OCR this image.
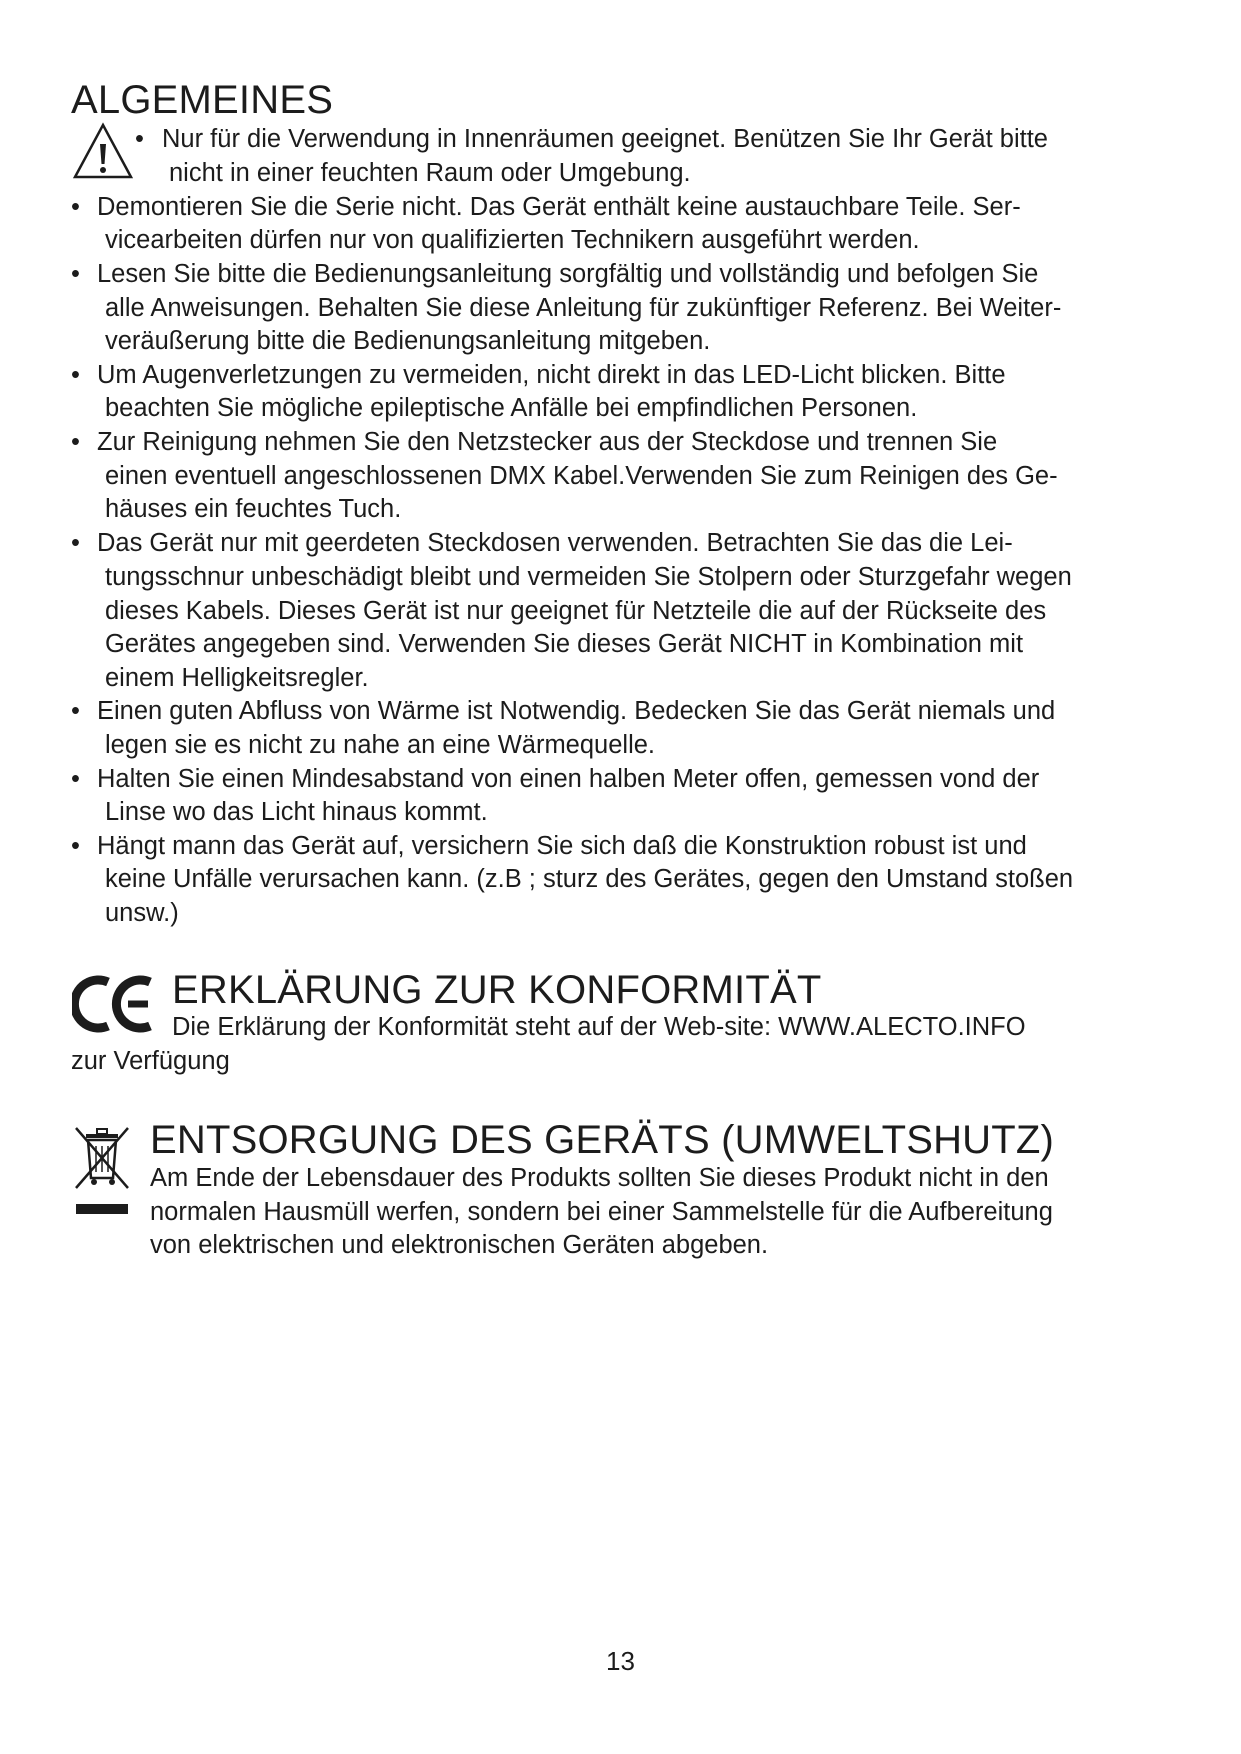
ALGEMEINES
• Nur für die Verwendung in Innenräumen geeignet. Benützen Sie Ihr Gerät bitte
nicht in einer feuchten Raum oder Umgebung.
• Demontieren Sie die Serie nicht. Das Gerät enthält keine austauchbare Teile. Ser-
vicearbeiten dürfen nur von qualifizierten Technikern ausgeführt werden.
• Lesen Sie bitte die Bedienungsanleitung sorgfältig und vollständig und befolgen Sie
alle Anweisungen. Behalten Sie diese Anleitung für zukünftiger Referenz. Bei Weiter-
veräußerung bitte die Bedienungsanleitung mitgeben.
• Um Augenverletzungen zu vermeiden, nicht direkt in das LED-Licht blicken. Bitte
beachten Sie mögliche epileptische Anfälle bei empfindlichen Personen.
• Zur Reinigung nehmen Sie den Netzstecker aus der Steckdose und trennen Sie
einen eventuell angeschlossenen DMX Kabel.Verwenden Sie zum Reinigen des Ge-
häuses ein feuchtes Tuch.
• Das Gerät nur mit geerdeten Steckdosen verwenden. Betrachten Sie das die Lei-
tungsschnur unbeschädigt bleibt und vermeiden Sie Stolpern oder Sturzgefahr wegen
dieses Kabels. Dieses Gerät ist nur geeignet für Netzteile die auf der Rückseite des
Gerätes angegeben sind. Verwenden Sie dieses Gerät NICHT in Kombination mit
einem Helligkeitsregler.
• Einen guten Abfluss von Wärme ist Notwendig. Bedecken Sie das Gerät niemals und
legen sie es nicht zu nahe an eine Wärmequelle.
• Halten Sie einen Mindesabstand von einen halben Meter offen, gemessen vond der
Linse wo das Licht hinaus kommt.
• Hängt mann das Gerät auf, versichern Sie sich daß die Konstruktion robust ist und
keine Unfälle verursachen kann. (z.B ; sturz des Gerätes, gegen den Umstand stoßen
unsw.)
ERKLÄRUNG ZUR KONFORMITÄT
Die Erklärung der Konformität steht auf der Web-site: WWW.ALECTO.INFO
zur Verfügung
ENTSORGUNG DES GERÄTS (UMWELTSHUTZ)
Am Ende der Lebensdauer des Produkts sollten Sie dieses Produkt nicht in den
normalen Hausmüll werfen, sondern bei einer Sammelstelle für die Aufbereitung
von elektrischen und elektronischen Geräten abgeben.
13
